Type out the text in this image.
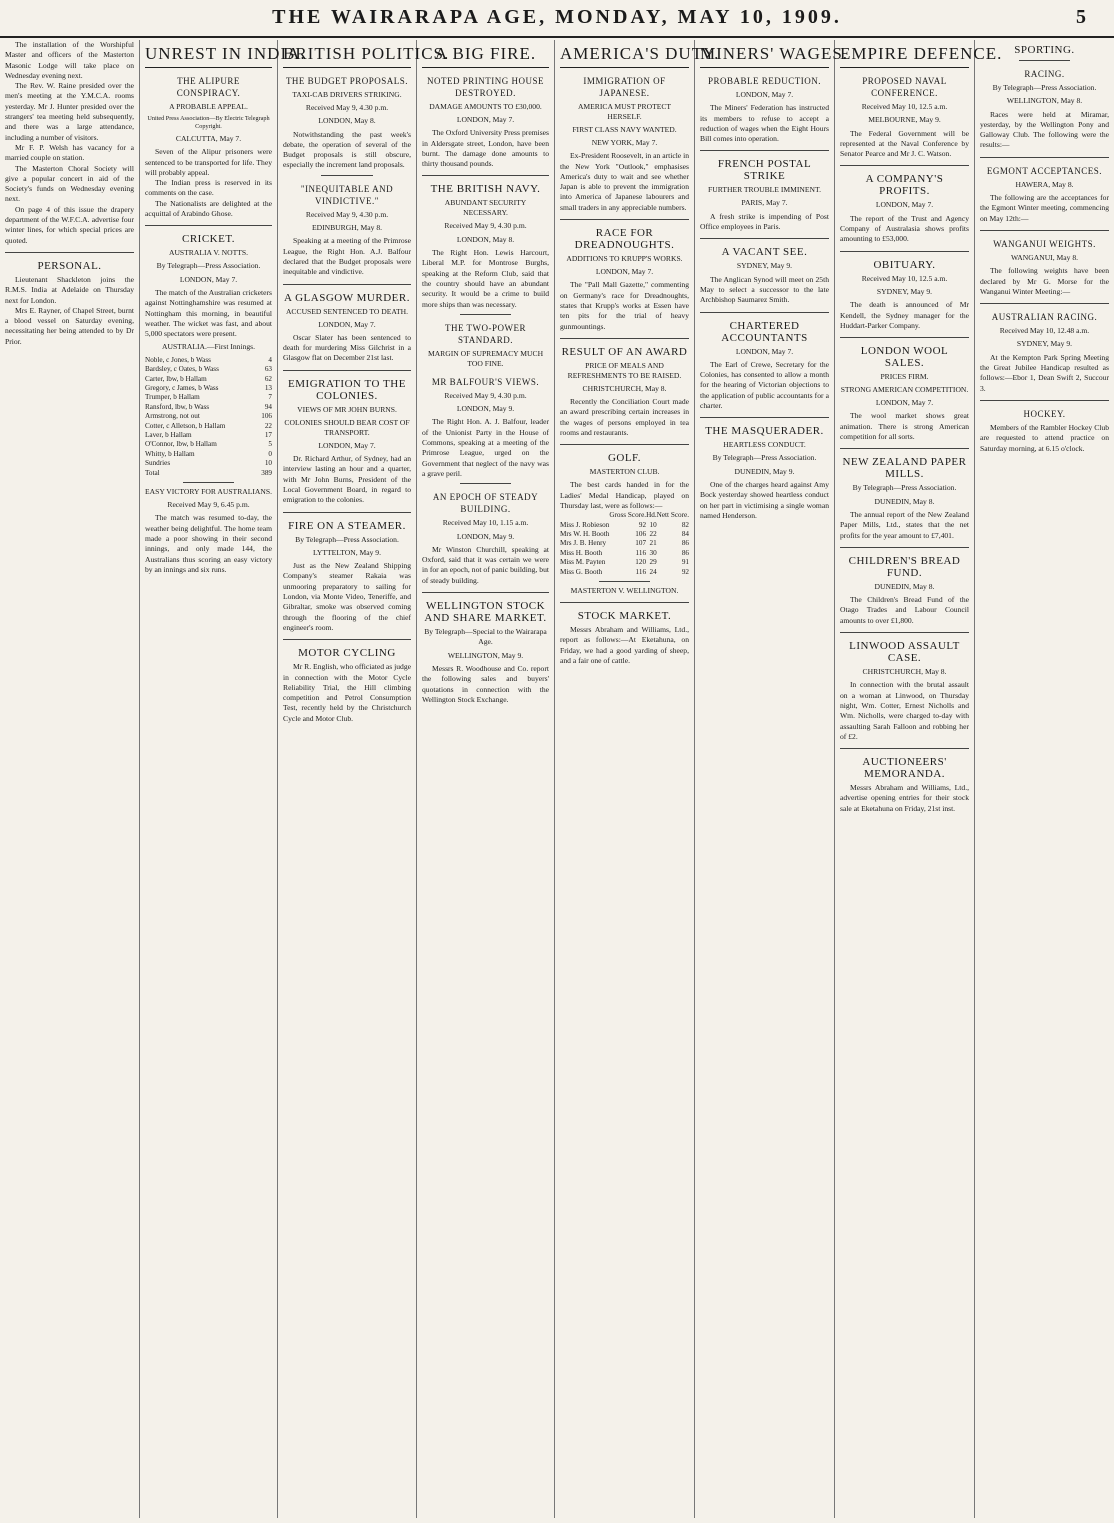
THE WAIRARAPA AGE, MONDAY, MAY 10, 1909.	5

The installation of the Worshipful Master and officers of the Masterton Masonic Lodge will take place on Wednesday evening next.

The Rev. W. Raine presided over the men's meeting at the Y.M.C.A. rooms yesterday. Mr J. Hunter presided over the strangers' tea meeting held subsequently, and there was a large attendance, including a number of visitors.

Mr F. P. Welsh has vacancy for a married couple on station.

The Masterton Choral Society will give a popular concert in aid of the Society's funds on Wednesday evening next.

On page 4 of this issue the drapery department of the W.F.C.A. advertise four winter lines, for which special prices are quoted.

PERSONAL.

Lieutenant Shackleton joins the R.M.S. India at Adelaide on Thursday next for London.

Mrs E. Rayner, of Chapel Street, burnt a blood vessel on Saturday evening, necessitating her being attended to by Dr Prior.

UNREST IN INDIA.
THE ALIPURE CONSPIRACY.
A PROBABLE APPEAL.
United Press Association—By Electric Telegraph Copyright.
CALCUTTA, May 7.

Seven of the Alipur prisoners were sentenced to be transported for life. They will probably appeal.

The Indian press is reserved in its comments on the case.

The Nationalists are delighted at the acquittal of Arabindo Ghose.

CRICKET.
AUSTRALIA V. NOTTS.
By Telegraph—Press Association.
LONDON, May 7.

The match of the Australian cricketers against Nottinghamshire was resumed at Nottingham this morning, in beautiful weather. The wicket was fast, and about 5,000 spectators were present.

AUSTRALIA.—First Innings.
Noble, c Jones, b Wass	4
Bardsley, c Oates, b Wass	63
Carter, lbw, b Hallam	62
Gregory, c James, b Wass	13
Trumper, b Hallam	7
Ransford, lbw, b Wass	94
Armstrong, not out	106
Cotter, c Alletson, b Hallam	22
Laver, b Hallam	17
O'Connor, lbw, b Hallam	5
Whitty, b Hallam	0
Sundries	10
Total	389
EASY VICTORY FOR AUSTRALIANS.
Received May 9, 6.45 p.m.

The match was resumed to-day, the weather being delightful. The home team made a poor showing in their second innings, and only made 144, the Australians thus scoring an easy victory by an innings and six runs.

BRITISH POLITICS.
THE BUDGET PROPOSALS.
TAXI-CAB DRIVERS STRIKING.
Received May 9, 4.30 p.m.
LONDON, May 8.

Notwithstanding the past week's debate, the operation of several of the Budget proposals is still obscure, especially the increment land proposals.

"INEQUITABLE AND VINDICTIVE."
Received May 9, 4.30 p.m.
EDINBURGH, May 8.

Speaking at a meeting of the Primrose League, the Right Hon. A.J. Balfour declared that the Budget proposals were inequitable and vindictive.

A GLASGOW MURDER.
ACCUSED SENTENCED TO DEATH.
LONDON, May 7.

Oscar Slater has been sentenced to death for murdering Miss Gilchrist in a Glasgow flat on December 21st last.

EMIGRATION TO THE COLONIES.
VIEWS OF MR JOHN BURNS.
COLONIES SHOULD BEAR COST OF TRANSPORT.
LONDON, May 7.

Dr. Richard Arthur, of Sydney, had an interview lasting an hour and a quarter, with Mr John Burns, President of the Local Government Board, in regard to emigration to the colonies.

FIRE ON A STEAMER.
By Telegraph—Press Association.
LYTTELTON, May 9.

Just as the New Zealand Shipping Company's steamer Rakaia was unmooring preparatory to sailing for London, via Monte Video, Teneriffe, and Gibraltar, smoke was observed coming through the flooring of the chief engineer's room.

MOTOR CYCLING

Mr R. English, who officiated as judge in connection with the Motor Cycle Reliability Trial, the Hill climbing competition and Petrol Consumption Test, recently held by the Christchurch Cycle and Motor Club.

A BIG FIRE.
NOTED PRINTING HOUSE DESTROYED.
DAMAGE AMOUNTS TO £30,000.
LONDON, May 7.

The Oxford University Press premises in Aldersgate street, London, have been burnt. The damage done amounts to thirty thousand pounds.

THE BRITISH NAVY.
ABUNDANT SECURITY NECESSARY.
Received May 9, 4.30 p.m.
LONDON, May 8.

The Right Hon. Lewis Harcourt, Liberal M.P. for Montrose Burghs, speaking at the Reform Club, said that the country should have an abundant security. It would be a crime to build more ships than was necessary.

THE TWO-POWER STANDARD.
MARGIN OF SUPREMACY MUCH TOO FINE.
MR BALFOUR'S VIEWS.
Received May 9, 4.30 p.m.
LONDON, May 9.

The Right Hon. A. J. Balfour, leader of the Unionist Party in the House of Commons, speaking at a meeting of the Primrose League, urged on the Government that neglect of the navy was a grave peril.

AN EPOCH OF STEADY BUILDING.
Received May 10, 1.15 a.m.
LONDON, May 9.

Mr Winston Churchill, speaking at Oxford, said that it was certain we were in for an epoch, not of panic building, but of steady building.

WELLINGTON STOCK AND SHARE MARKET.
By Telegraph—Special to the Wairarapa Age.
WELLINGTON, May 9.

Messrs R. Woodhouse and Co. report the following sales and buyers' quotations in connection with the Wellington Stock Exchange.

AMERICA'S DUTY.
IMMIGRATION OF JAPANESE.
AMERICA MUST PROTECT HERSELF.
FIRST CLASS NAVY WANTED.
NEW YORK, May 7.

Ex-President Roosevelt, in an article in the New York "Outlook," emphasises America's duty to wait and see whether Japan is able to prevent the immigration into America of Japanese labourers and small traders in any appreciable numbers.

RACE FOR DREADNOUGHTS.
ADDITIONS TO KRUPP'S WORKS.
LONDON, May 7.

The "Pall Mall Gazette," commenting on Germany's race for Dreadnoughts, states that Krupp's works at Essen have ten pits for the trial of heavy gunmountings.

RESULT OF AN AWARD
PRICE OF MEALS AND REFRESHMENTS TO BE RAISED.
CHRISTCHURCH, May 8.

Recently the Conciliation Court made an award prescribing certain increases in the wages of persons employed in tea rooms and restaurants.

GOLF.
MASTERTON CLUB.

The best cards handed in for the Ladies' Medal Handicap, played on Thursday last, were as follows:—

	Gross Score.	Hd.	Nett Score.
Miss J. Robieson	92	10	82
Mrs W. H. Booth	106	22	84
Mrs J. B. Henry	107	21	86
Miss H. Booth	116	30	86
Miss M. Payten	120	29	91
Miss G. Booth	116	24	92
MASTERTON V. WELLINGTON.
STOCK MARKET.

Messrs Abraham and Williams, Ltd., report as follows:—At Eketahuna, on Friday, we had a good yarding of sheep, and a fair one of cattle.

MINERS' WAGES.
PROBABLE REDUCTION.
LONDON, May 7.

The Miners' Federation has instructed its members to refuse to accept a reduction of wages when the Eight Hours Bill comes into operation.

FRENCH POSTAL STRIKE
FURTHER TROUBLE IMMINENT.
PARIS, May 7.

A fresh strike is impending of Post Office employees in Paris.

A VACANT SEE.
SYDNEY, May 9.

The Anglican Synod will meet on 25th May to select a successor to the late Archbishop Saumarez Smith.

CHARTERED ACCOUNTANTS
LONDON, May 7.

The Earl of Crewe, Secretary for the Colonies, has consented to allow a month for the hearing of Victorian objections to the application of public accountants for a charter.

THE MASQUERADER.
HEARTLESS CONDUCT.
By Telegraph—Press Association.
DUNEDIN, May 9.

One of the charges heard against Amy Bock yesterday showed heartless conduct on her part in victimising a single woman named Henderson.

EMPIRE DEFENCE.
PROPOSED NAVAL CONFERENCE.
Received May 10, 12.5 a.m.
MELBOURNE, May 9.

The Federal Government will be represented at the Naval Conference by Senator Pearce and Mr J. C. Watson.

A COMPANY'S PROFITS.
LONDON, May 7.

The report of the Trust and Agency Company of Australasia shows profits amounting to £53,000.

OBITUARY.
Received May 10, 12.5 a.m.
SYDNEY, May 9.

The death is announced of Mr Kendell, the Sydney manager for the Huddart-Parker Company.

LONDON WOOL SALES.
PRICES FIRM.
STRONG AMERICAN COMPETITION.
LONDON, May 7.

The wool market shows great animation. There is strong American competition for all sorts.

NEW ZEALAND PAPER MILLS.
By Telegraph—Press Association.
DUNEDIN, May 8.

The annual report of the New Zealand Paper Mills, Ltd., states that the net profits for the year amount to £7,401.

CHILDREN'S BREAD FUND.
DUNEDIN, May 8.

The Children's Bread Fund of the Otago Trades and Labour Council amounts to over £1,800.

LINWOOD ASSAULT CASE.
CHRISTCHURCH, May 8.

In connection with the brutal assault on a woman at Linwood, on Thursday night, Wm. Cotter, Ernest Nicholls and Wm. Nicholls, were charged to-day with assaulting Sarah Falloon and robbing her of £2.

AUCTIONEERS' MEMORANDA.

Messrs Abraham and Williams, Ltd., advertise opening entries for their stock sale at Eketahuna on Friday, 21st inst.

SPORTING.
RACING.
By Telegraph—Press Association.
WELLINGTON, May 8.

Races were held at Miramar, yesterday, by the Wellington Pony and Galloway Club. The following were the results:—

EGMONT ACCEPTANCES.
HAWERA, May 8.

The following are the acceptances for the Egmont Winter meeting, commencing on May 12th:—

WANGANUI WEIGHTS.
WANGANUI, May 8.

The following weights have been declared by Mr G. Morse for the Wanganui Winter Meeting:—

AUSTRALIAN RACING.
Received May 10, 12.48 a.m.
SYDNEY, May 9.

At the Kempton Park Spring Meeting the Great Jubilee Handicap resulted as follows:—Ebor 1, Dean Swift 2, Succour 3.

HOCKEY.

Members of the Rambler Hockey Club are requested to attend practice on Saturday morning, at 6.15 o'clock.
